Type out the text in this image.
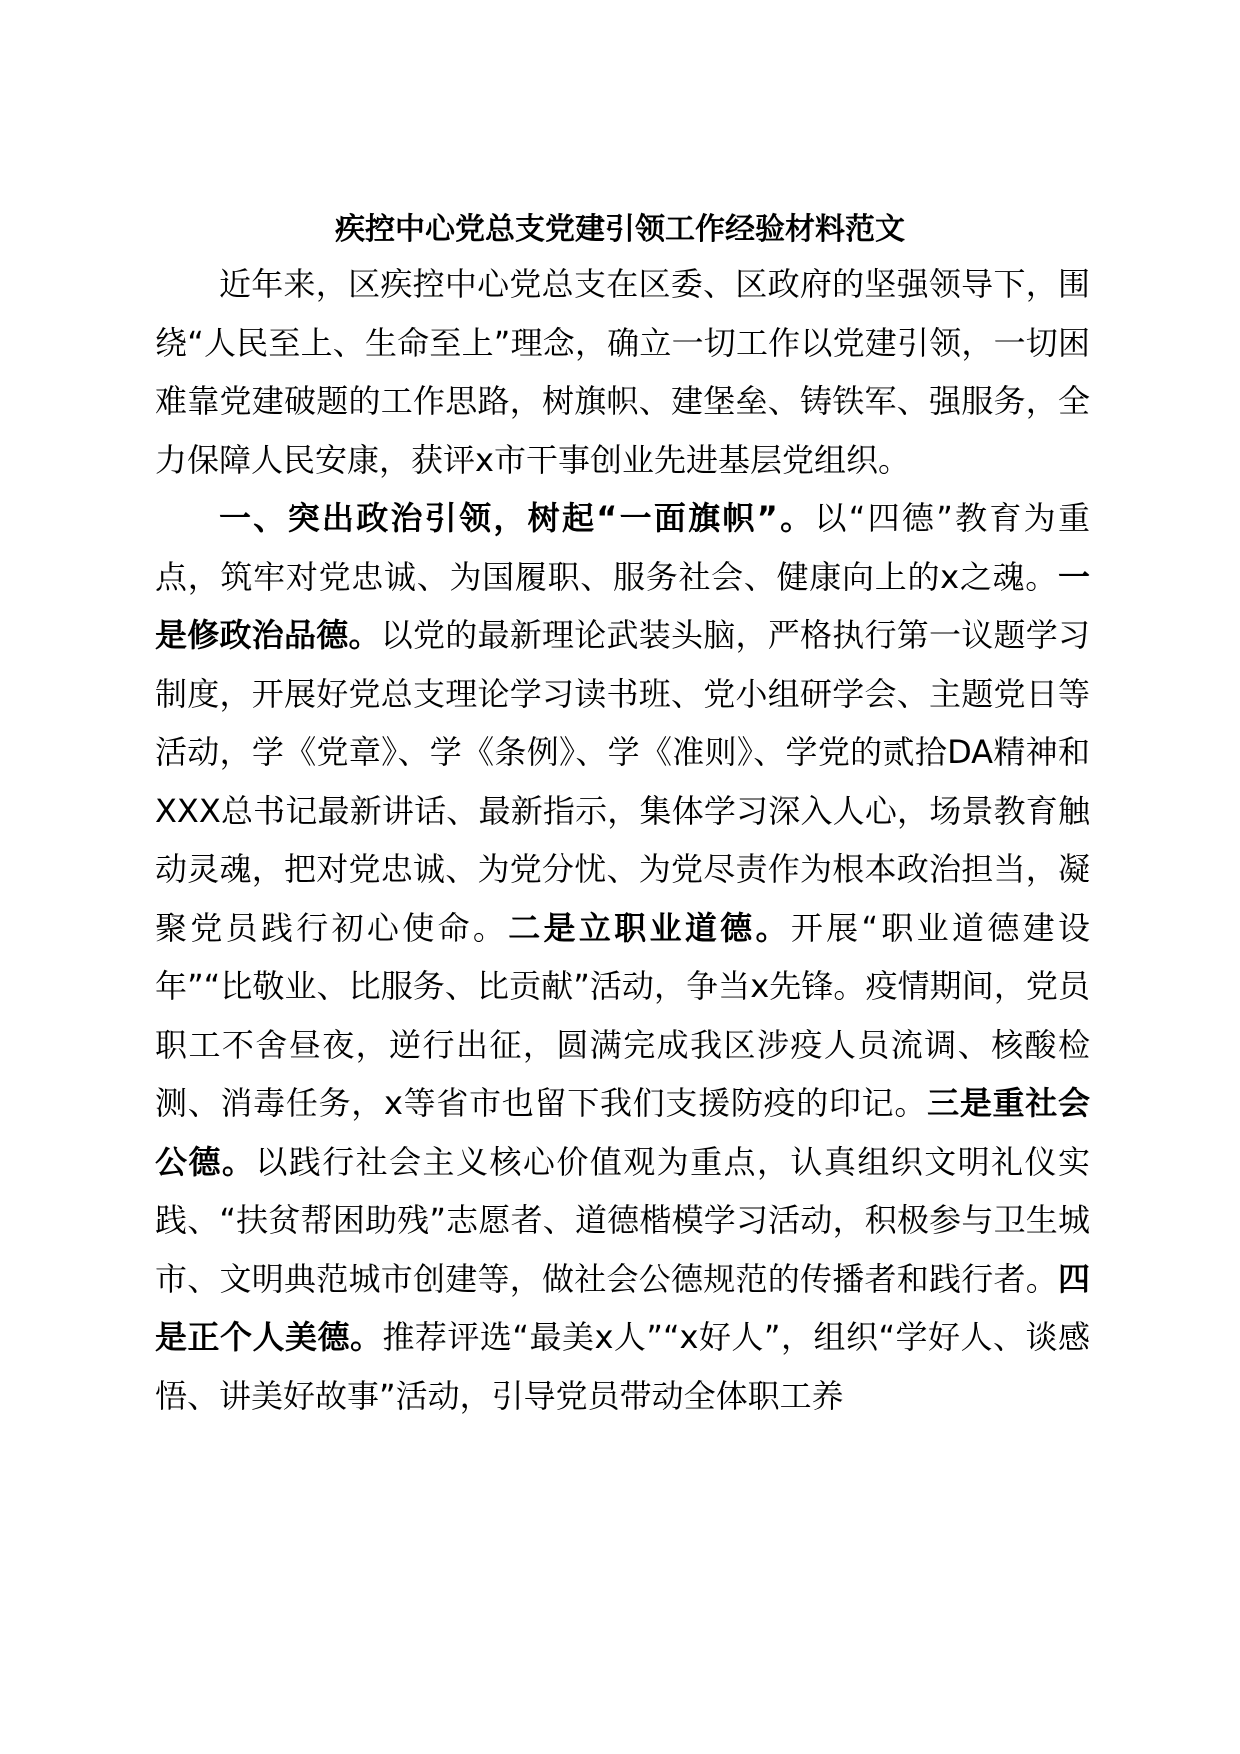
疾控中心党总支党建引领工作经验材料范文

近年来，区疾控中心党总支在区委、区政府的坚强领导下，围绕“人民至上、生命至上”理念，确立一切工作以党建引领，一切困难靠党建破题的工作思路，树旗帜、建堡垒、铸铁军、强服务，全力保障人民安康，获评x市干事创业先进基层党组织。

一、突出政治引领，树起“一面旗帜”。以“四德”教育为重点，筑牢对党忠诚、为国履职、服务社会、健康向上的x之魂。一是修政治品德。以党的最新理论武装头脑，严格执行第一议题学习制度，开展好党总支理论学习读书班、党小组研学会、主题党日等活动，学《党章》、学《条例》、学《准则》、学党的贰拾DA精神和XXX总书记最新讲话、最新指示，集体学习深入人心，场景教育触动灵魂，把对党忠诚、为党分忧、为党尽责作为根本政治担当，凝聚党员践行初心使命。二是立职业道德。开展“职业道德建设年”“比敬业、比服务、比贡献”活动，争当x先锋。疫情期间，党员职工不舍昼夜，逆行出征，圆满完成我区涉疫人员流调、核酸检测、消毒任务，x等省市也留下我们支援防疫的印记。三是重社会公德。以践行社会主义核心价值观为重点，认真组织文明礼仪实践、“扶贫帮困助残”志愿者、道德楷模学习活动，积极参与卫生城市、文明典范城市创建等，做社会公德规范的传播者和践行者。四是正个人美德。推荐评选“最美x人”“x好人”，组织“学好人、谈感悟、讲美好故事”活动，引导党员带动全体职工养
